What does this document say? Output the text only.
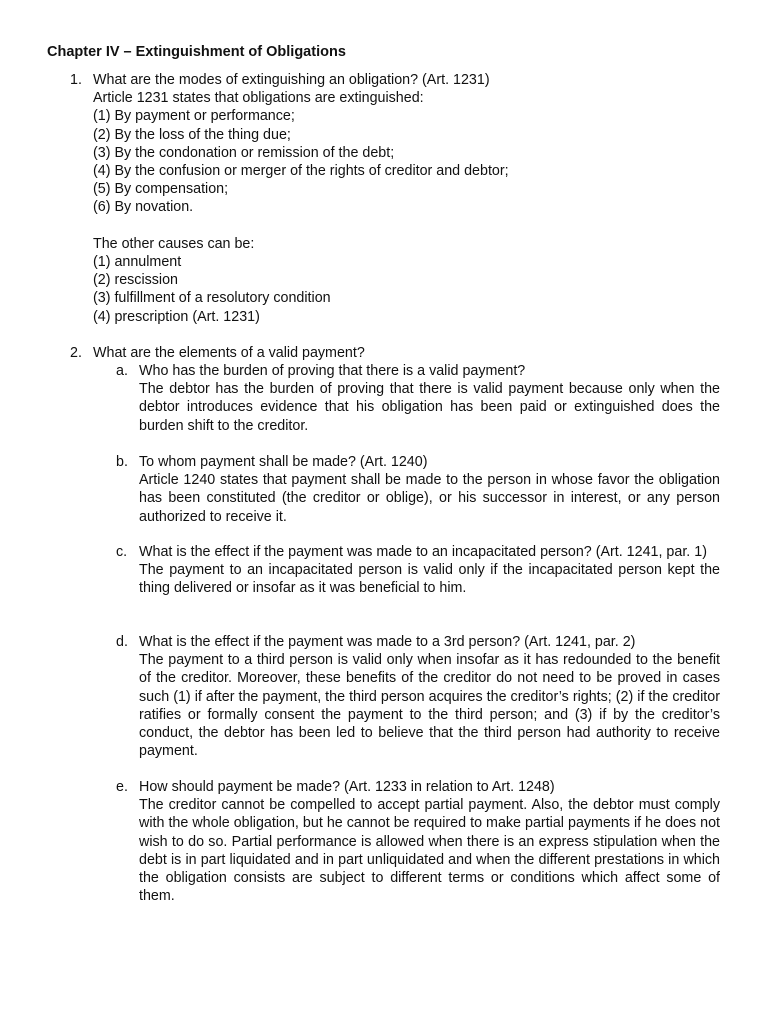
Chapter IV – Extinguishment of Obligations
1. What are the modes of extinguishing an obligation? (Art. 1231)
Article 1231 states that obligations are extinguished:
(1) By payment or performance;
(2) By the loss of the thing due;
(3) By the condonation or remission of the debt;
(4) By the confusion or merger of the rights of creditor and debtor;
(5) By compensation;
(6) By novation.
The other causes can be:
(1) annulment
(2) rescission
(3) fulfillment of a resolutory condition
(4) prescription (Art. 1231)
2. What are the elements of a valid payment?
a. Who has the burden of proving that there is a valid payment?
The debtor has the burden of proving that there is valid payment because only when the debtor introduces evidence that his obligation has been paid or extinguished does the burden shift to the creditor.
b. To whom payment shall be made? (Art. 1240)
Article 1240 states that payment shall be made to the person in whose favor the obligation has been constituted (the creditor or oblige), or his successor in interest, or any person authorized to receive it.
c. What is the effect if the payment was made to an incapacitated person? (Art. 1241, par. 1)
The payment to an incapacitated person is valid only if the incapacitated person kept the thing delivered or insofar as it was beneficial to him.
d. What is the effect if the payment was made to a 3rd person? (Art. 1241, par. 2)
The payment to a third person is valid only when insofar as it has redounded to the benefit of the creditor. Moreover, these benefits of the creditor do not need to be proved in cases such (1) if after the payment, the third person acquires the creditor’s rights; (2) if the creditor ratifies or formally consent the payment to the third person; and (3) if by the creditor’s conduct, the debtor has been led to believe that the third person had authority to receive payment.
e. How should payment be made? (Art. 1233 in relation to Art. 1248)
The creditor cannot be compelled to accept partial payment. Also, the debtor must comply with the whole obligation, but he cannot be required to make partial payments if he does not wish to do so. Partial performance is allowed when there is an express stipulation when the debt is in part liquidated and in part unliquidated and when the different prestations in which the obligation consists are subject to different terms or conditions which affect some of them.
